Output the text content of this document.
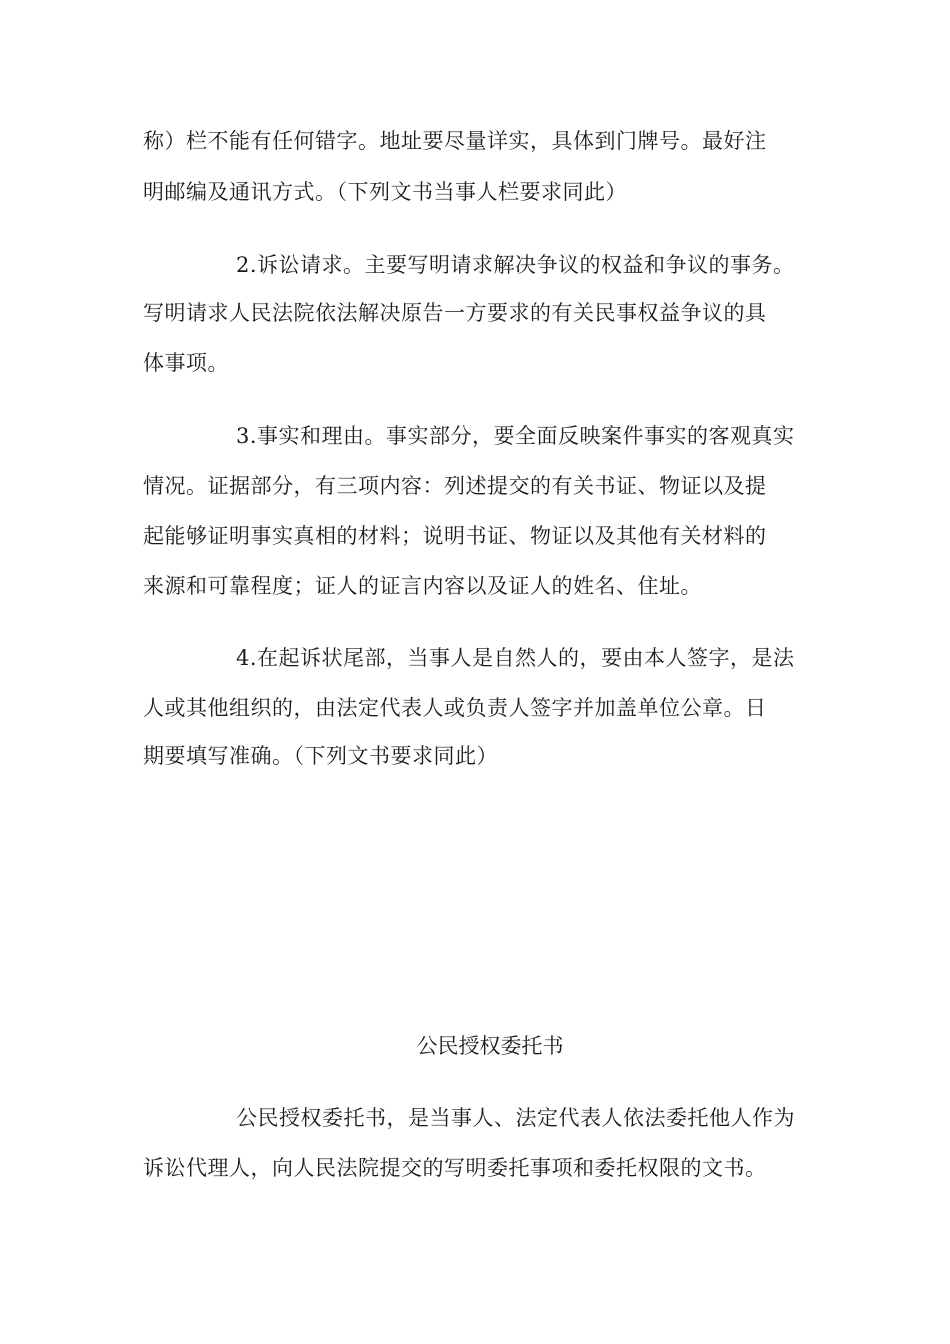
称）栏不能有任何错字。地址要尽量详实，具体到门牌号。最好注
明邮编及通讯方式。（下列文书当事人栏要求同此）
2.诉讼请求。主要写明请求解决争议的权益和争议的事务。
写明请求人民法院依法解决原告一方要求的有关民事权益争议的具
体事项。
3.事实和理由。事实部分，要全面反映案件事实的客观真实
情况。证据部分，有三项内容：列述提交的有关书证、物证以及提
起能够证明事实真相的材料；说明书证、物证以及其他有关材料的
来源和可靠程度；证人的证言内容以及证人的姓名、住址。
4.在起诉状尾部，当事人是自然人的，要由本人签字，是法
人或其他组织的，由法定代表人或负责人签字并加盖单位公章。日
期要填写准确。（下列文书要求同此）
公民授权委托书
公民授权委托书，是当事人、法定代表人依法委托他人作为
诉讼代理人，向人民法院提交的写明委托事项和委托权限的文书。
